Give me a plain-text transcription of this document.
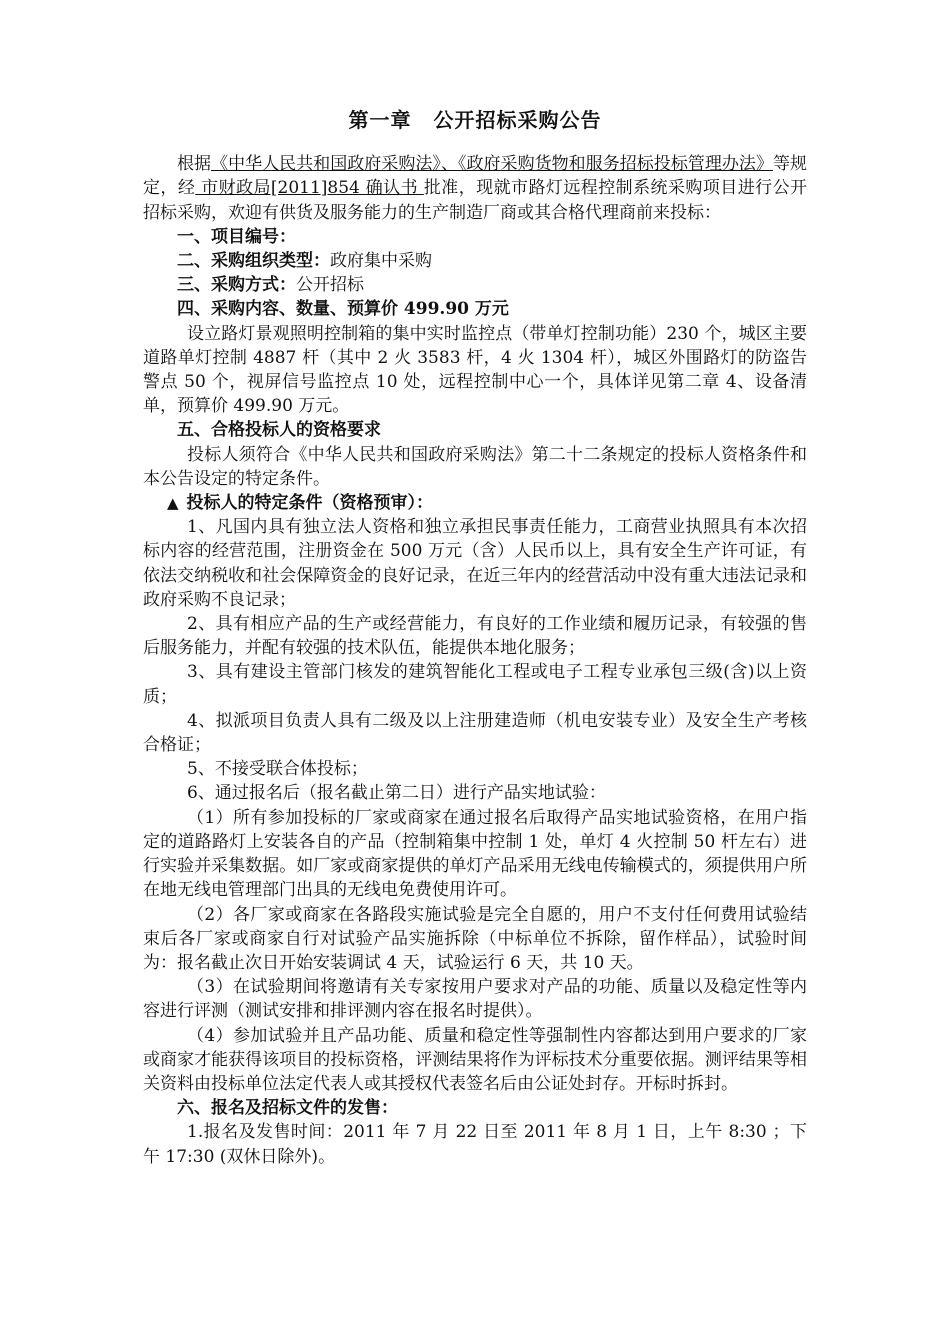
第一章 公开招标采购公告

根据《中华人民共和国政府采购法》、《政府采购货物和服务招标投标管理办法》等规定，经 市财政局[2011]854 确认书 批准，现就市路灯远程控制系统采购项目进行公开招标采购，欢迎有供货及服务能力的生产制造厂商或其合格代理商前来投标：

一、项目编号：

二、采购组织类型：政府集中采购

三、采购方式：公开招标

四、采购内容、数量、预算价 499.90 万元

设立路灯景观照明控制箱的集中实时监控点（带单灯控制功能）230 个，城区主要道路单灯控制 4887 杆（其中 2 火 3583 杆，4 火 1304 杆），城区外围路灯的防盗告警点 50 个，视屏信号监控点 10 处，远程控制中心一个，具体详见第二章 4、设备清单，预算价 499.90 万元。

五、合格投标人的资格要求

投标人须符合《中华人民共和国政府采购法》第二十二条规定的投标人资格条件和本公告设定的特定条件。

▲ 投标人的特定条件（资格预审）：

1、凡国内具有独立法人资格和独立承担民事责任能力，工商营业执照具有本次招标内容的经营范围，注册资金在 500 万元（含）人民币以上，具有安全生产许可证，有依法交纳税收和社会保障资金的良好记录，在近三年内的经营活动中没有重大违法记录和政府采购不良记录；

2、具有相应产品的生产或经营能力，有良好的工作业绩和履历记录，有较强的售后服务能力，并配有较强的技术队伍，能提供本地化服务；

3、具有建设主管部门核发的建筑智能化工程或电子工程专业承包三级(含)以上资质；

4、拟派项目负责人具有二级及以上注册建造师（机电安装专业）及安全生产考核合格证；

5、不接受联合体投标；

6、通过报名后（报名截止第二日）进行产品实地试验：

（1）所有参加投标的厂家或商家在通过报名后取得产品实地试验资格，在用户指定的道路路灯上安装各自的产品（控制箱集中控制 1 处，单灯 4 火控制 50 杆左右）进行实验并采集数据。如厂家或商家提供的单灯产品采用无线电传输模式的，须提供用户所在地无线电管理部门出具的无线电免费使用许可。

（2）各厂家或商家在各路段实施试验是完全自愿的，用户不支付任何费用试验结束后各厂家或商家自行对试验产品实施拆除（中标单位不拆除，留作样品），试验时间为：报名截止次日开始安装调试 4 天，试验运行 6 天，共 10 天。

（3）在试验期间将邀请有关专家按用户要求对产品的功能、质量以及稳定性等内容进行评测（测试安排和排评测内容在报名时提供）。

（4）参加试验并且产品功能、质量和稳定性等强制性内容都达到用户要求的厂家或商家才能获得该项目的投标资格，评测结果将作为评标技术分重要依据。测评结果等相关资料由投标单位法定代表人或其授权代表签名后由公证处封存。开标时拆封。

六、报名及招标文件的发售：

1.报名及发售时间：2011 年 7 月 22 日至 2011 年 8 月 1 日，上午 8:30 ；下午 17:30 (双休日除外)。
